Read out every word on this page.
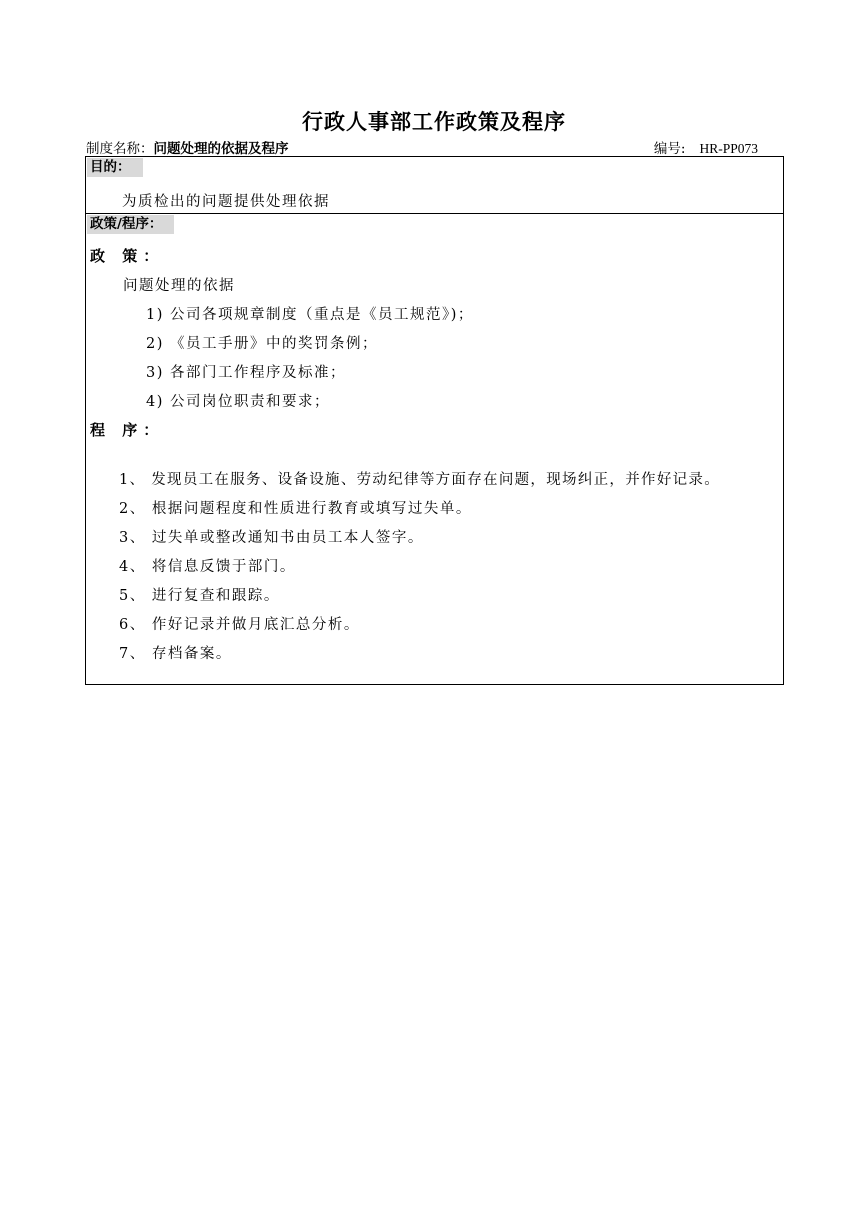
行政人事部工作政策及程序
制度名称：问题处理的依据及程序	编号: HR-PP073
目的：
为质检出的问题提供处理依据
政策/程序：
政 策：
问题处理的依据
1) 公司各项规章制度（重点是《员工规范》)；
2) 《员工手册》中的奖罚条例；
3) 各部门工作程序及标准；
4) 公司岗位职责和要求；
程 序：
1、 发现员工在服务、设备设施、劳动纪律等方面存在问题，现场纠正，并作好记录。
2、 根据问题程度和性质进行教育或填写过失单。
3、 过失单或整改通知书由员工本人签字。
4、 将信息反馈于部门。
5、 进行复查和跟踪。
6、 作好记录并做月底汇总分析。
7、 存档备案。
